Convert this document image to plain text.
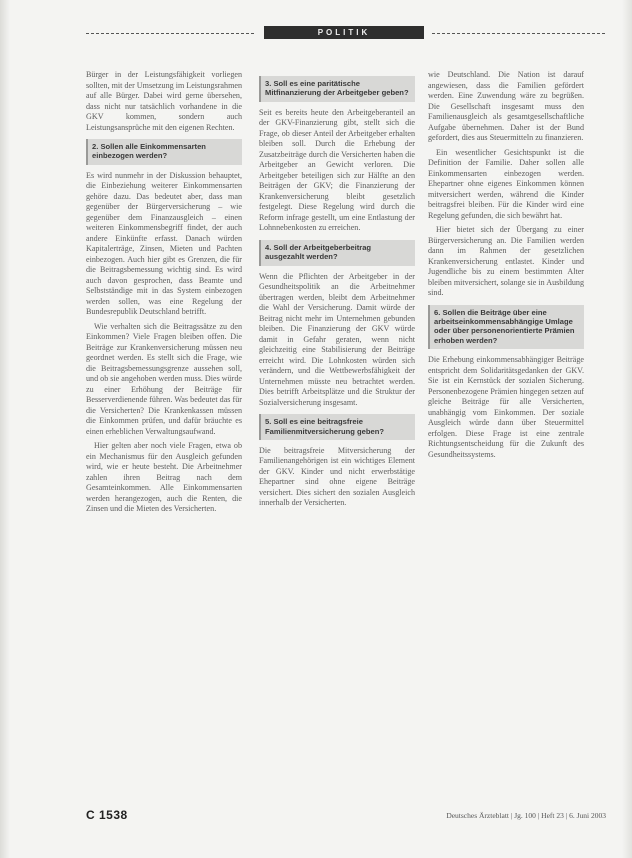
POLITIK

Bürger in der Leistungsfähigkeit vorliegen sollten, mit der Umsetzung im Leistungsrahmen auf alle Bürger. Dabei wird gerne übersehen, dass nicht nur tatsächlich vorhandene in die GKV kommen, sondern auch Leistungsansprüche mit den eigenen Rechten.

2. Sollen alle Einkommensarten einbezogen werden?

Es wird nunmehr in der Diskussion behauptet, die Einbeziehung weiterer Einkommensarten gehöre dazu. Das bedeutet aber, dass man gegenüber der Bürgerversicherung – wie gegenüber dem Finanzausgleich – einen weiteren Einkommensbegriff findet, der auch andere Einkünfte erfasst. Danach würden Kapitalerträge, Zinsen, Mieten und Pachten einbezogen. Auch hier gibt es Grenzen, die für die Beitragsbemessung wichtig sind. Es wird auch davon gesprochen, dass Beamte und Selbstständige mit in das System einbezogen werden sollen, was eine Regelung der Bundesrepublik Deutschland betrifft.

Wie verhalten sich die Beitragssätze zu den Einkommen? Viele Fragen bleiben offen. Die Beiträge zur Krankenversicherung müssen neu geordnet werden. Es stellt sich die Frage, wie die Beitragsbemessungsgrenze aussehen soll, und ob sie angehoben werden muss. Dies würde zu einer Erhöhung der Beiträge für Besserverdienende führen. Was bedeutet das für die Versicherten? Die Krankenkassen müssen die Einkommen prüfen, und dafür bräuchte es einen erheblichen Verwaltungsaufwand.

Hier gelten aber noch viele Fragen, etwa ob ein Mechanismus für den Ausgleich gefunden wird, wie er heute besteht. Die Arbeitnehmer zahlen ihren Beitrag nach dem Gesamteinkommen. Alle Einkommensarten werden herangezogen, auch die Renten, die Zinsen und die Mieten des Versicherten.

3. Soll es eine paritätische Mitfinanzierung der Arbeitgeber geben?

Seit es bereits heute den Arbeitgeberanteil an der GKV-Finanzierung gibt, stellt sich die Frage, ob dieser Anteil der Arbeitgeber erhalten bleiben soll. Durch die Erhebung der Zusatzbeiträge durch die Versicherten haben die Arbeitgeber an Gewicht verloren. Die Arbeitgeber beteiligen sich zur Hälfte an den Beiträgen der GKV; die Finanzierung der Krankenversicherung bleibt gesetzlich festgelegt. Diese Regelung wird durch die Reform infrage gestellt, um eine Entlastung der Lohnnebenkosten zu erreichen.

4. Soll der Arbeitgeberbeitrag ausgezahlt werden?

Wenn die Pflichten der Arbeitgeber in der Gesundheitspolitik an die Arbeitnehmer übertragen werden, bleibt dem Arbeitnehmer die Wahl der Versicherung. Damit würde der Beitrag nicht mehr im Unternehmen gebunden bleiben. Die Finanzierung der GKV würde damit in Gefahr geraten, wenn nicht gleichzeitig eine Stabilisierung der Beiträge erreicht wird. Die Lohnkosten würden sich verändern, und die Wettbewerbsfähigkeit der Unternehmen müsste neu betrachtet werden. Dies betrifft Arbeitsplätze und die Struktur der Sozialversicherung insgesamt.

5. Soll es eine beitragsfreie Familienmitversicherung geben?

Die beitragsfreie Mitversicherung der Familienangehörigen ist ein wichtiges Element der GKV. Kinder und nicht erwerbstätige Ehepartner sind ohne eigene Beiträge versichert. Dies sichert den sozialen Ausgleich innerhalb der Versicherten.

wie Deutschland. Die Nation ist darauf angewiesen, dass die Familien gefördert werden. Eine Zuwendung wäre zu begrüßen. Die Gesellschaft insgesamt muss den Familienausgleich als gesamtgesellschaftliche Aufgabe übernehmen. Daher ist der Bund gefordert, dies aus Steuermitteln zu finanzieren.

Ein wesentlicher Gesichtspunkt ist die Definition der Familie. Daher sollen alle Einkommensarten einbezogen werden. Ehepartner ohne eigenes Einkommen können mitversichert werden, während die Kinder beitragsfrei bleiben. Für die Kinder wird eine Regelung gefunden, die sich bewährt hat.

Hier bietet sich der Übergang zu einer Bürgerversicherung an. Die Familien werden dann im Rahmen der gesetzlichen Krankenversicherung entlastet. Kinder und Jugendliche bis zu einem bestimmten Alter bleiben mitversichert, solange sie in Ausbildung sind.

6. Sollen die Beiträge über eine arbeitseinkommensabhängige Umlage oder über personenorientierte Prämien erhoben werden?

Die Erhebung einkommensabhängiger Beiträge entspricht dem Solidaritätsgedanken der GKV. Sie ist ein Kernstück der sozialen Sicherung. Personenbezogene Prämien hingegen setzen auf gleiche Beiträge für alle Versicherten, unabhängig vom Einkommen. Der soziale Ausgleich würde dann über Steuermittel erfolgen. Diese Frage ist eine zentrale Richtungsentscheidung für die Zukunft des Gesundheitssystems.

C 1538	Deutsches Ärzteblatt | Jg. 100 | Heft 23 | 6. Juni 2003
